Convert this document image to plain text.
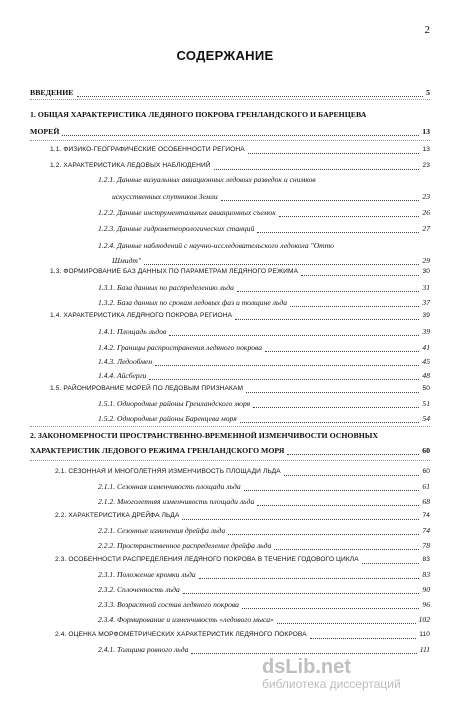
2
СОДЕРЖАНИЕ
ВВЕДЕНИЕ	5
1. ОБЩАЯ ХАРАКТЕРИСТИКА ЛЕДЯНОГО ПОКРОВА ГРЕНЛАНДСКОГО И БАРЕНЦЕВА
МОРЕЙ	13
1.1. ФИЗИКО-ГЕОГРАФИЧЕСКИЕ ОСОБЕННОСТИ РЕГИОНА	13
1.2. ХАРАКТЕРИСТИКА ЛЕДОВЫХ НАБЛЮДЕНИЙ	23
1.2.1. Данные визуальных авиационных ледовых разведок и снимков
искусственных спутников Земли	23
1.2.2. Данные инструментальных авиационных съемок	26
1.2.3. Данные гидрометеорологических станций	27
1.2.4. Данные наблюдений с научно-исследовательского ледокола "Отто
Шмидт"	29
1.3. ФОРМИРОВАНИЕ БАЗ ДАННЫХ ПО ПАРАМЕТРАМ ЛЕДЯНОГО РЕЖИМА	30
1.3.1. База данных по распределению льда	31
1.3.2. База данных по срокам ледовых фаз и толщине льда	37
1.4. ХАРАКТЕРИСТИКА ЛЕДЯНОГО ПОКРОВА РЕГИОНА	39
1.4.1. Площадь льдов	39
1.4.2. Границы распространения ледяного покрова	41
1.4.3. Ледообмен	45
1.4.4. Айсберги	48
1.5. РАЙОНИРОВАНИЕ МОРЕЙ ПО ЛЕДОВЫМ ПРИЗНАКАМ	50
1.5.1. Однородные районы Гренландского моря	51
1.5.2. Однородные районы Баренцева моря	54
2. ЗАКОНОМЕРНОСТИ ПРОСТРАНСТВЕННО-ВРЕМЕННОЙ ИЗМЕНЧИВОСТИ ОСНОВНЫХ
ХАРАКТЕРИСТИК ЛЕДОВОГО РЕЖИМА ГРЕНЛАНДСКОГО МОРЯ	60
2.1. СЕЗОННАЯ И МНОГОЛЕТНЯЯ ИЗМЕНЧИВОСТЬ ПЛОЩАДИ ЛЬДА	60
2.1.1. Сезонная изменчивость площади льда	61
2.1.2. Многолетняя изменчивость площади льда	68
2.2. ХАРАКТЕРИСТИКА ДРЕЙФА ЛЬДА	74
2.2.1. Сезонные изменения дрейфа льда	74
2.2.2. Пространственное распределение дрейфа льда	78
2.3. ОСОБЕННОСТИ РАСПРЕДЕЛЕНИЯ ЛЕДЯНОГО ПОКРОВА В ТЕЧЕНИЕ ГОДОВОГО ЦИКЛА	83
2.3.1. Положение кромки льда	83
2.3.2. Сплоченность льда	90
2.3.3. Возрастной состав ледяного покрова	96
2.3.4. Формирование и изменчивость «ледового мыса»	102
2.4. ОЦЕНКА МОРФОМЕТРИЧЕСКИХ ХАРАКТЕРИСТИК ЛЕДЯНОГО ПОКРОВА	110
2.4.1. Толщина ровного льда	111
dsLib.net
библиотека диссертаций
